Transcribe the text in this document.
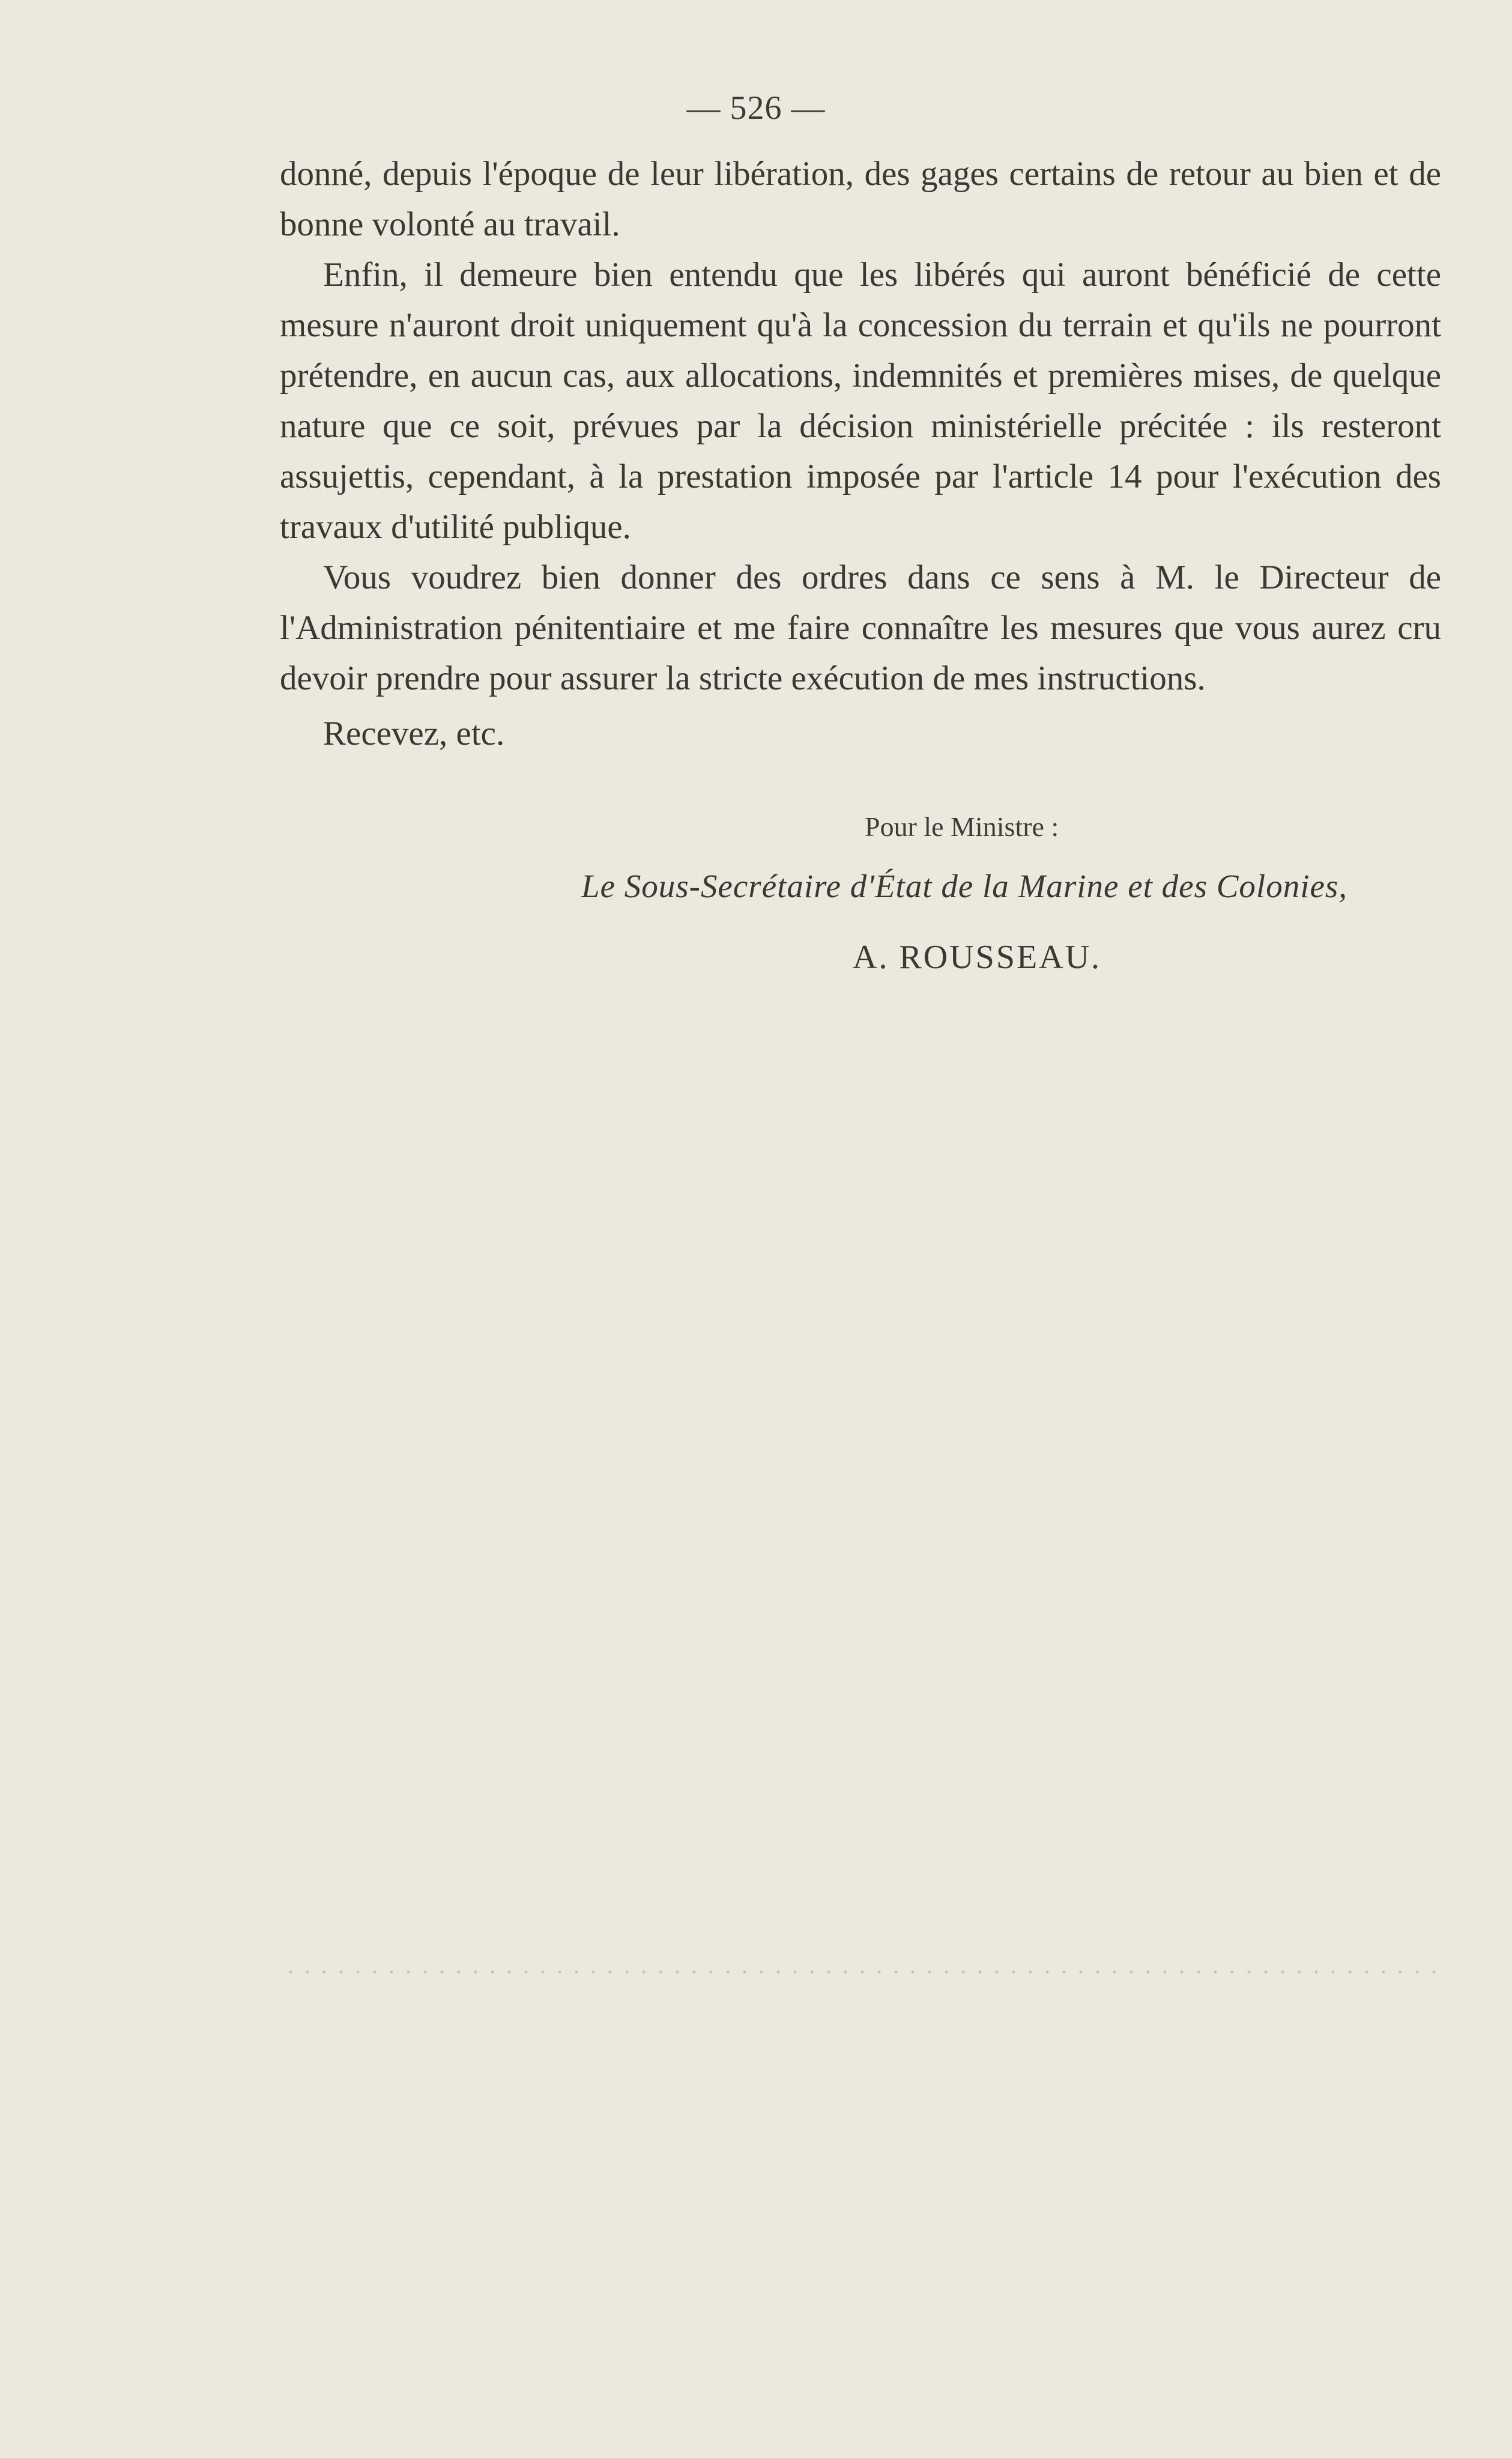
— 526 —

donné, depuis l'époque de leur libération, des gages certains de retour au bien et de bonne volonté au travail.

Enfin, il demeure bien entendu que les libérés qui auront bénéficié de cette mesure n'auront droit uniquement qu'à la concession du terrain et qu'ils ne pourront prétendre, en aucun cas, aux allocations, indemnités et premières mises, de quelque nature que ce soit, prévues par la décision ministérielle précitée : ils resteront assujettis, cependant, à la prestation imposée par l'article 14 pour l'exécution des travaux d'utilité publique.

Vous voudrez bien donner des ordres dans ce sens à M. le Directeur de l'Administration pénitentiaire et me faire connaître les mesures que vous aurez cru devoir prendre pour assurer la stricte exécution de mes instructions.

Recevez, etc.

Pour le Ministre :
Le Sous-Secrétaire d'État de la Marine et des Colonies,
A. ROUSSEAU.
